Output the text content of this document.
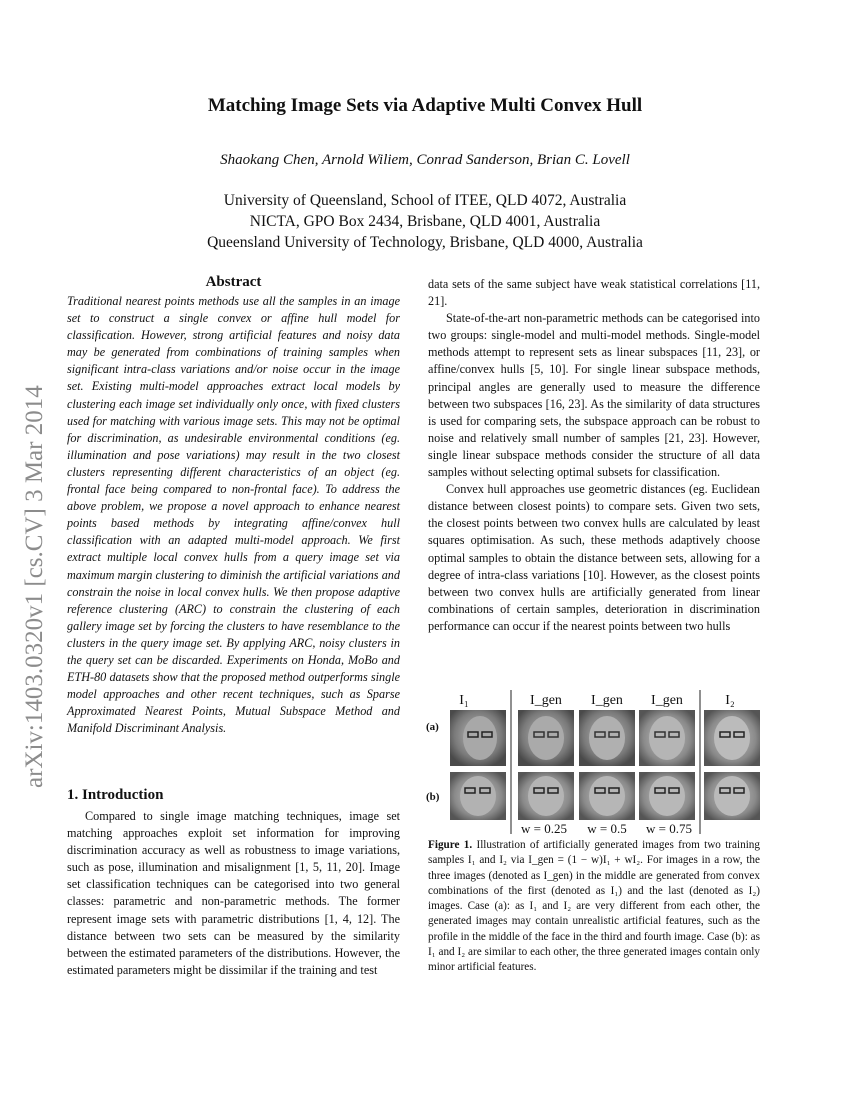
arXiv:1403.0320v1 [cs.CV] 3 Mar 2014
Matching Image Sets via Adaptive Multi Convex Hull
Shaokang Chen, Arnold Wiliem, Conrad Sanderson, Brian C. Lovell
University of Queensland, School of ITEE, QLD 4072, Australia
NICTA, GPO Box 2434, Brisbane, QLD 4001, Australia
Queensland University of Technology, Brisbane, QLD 4000, Australia
Abstract
Traditional nearest points methods use all the samples in an image set to construct a single convex or affine hull model for classification. However, strong artificial features and noisy data may be generated from combinations of training samples when significant intra-class variations and/or noise occur in the image set. Existing multi-model approaches extract local models by clustering each image set individually only once, with fixed clusters used for matching with various image sets. This may not be optimal for discrimination, as undesirable environmental conditions (eg. illumination and pose variations) may result in the two closest clusters representing different characteristics of an object (eg. frontal face being compared to non-frontal face). To address the above problem, we propose a novel approach to enhance nearest points based methods by integrating affine/convex hull classification with an adapted multi-model approach. We first extract multiple local convex hulls from a query image set via maximum margin clustering to diminish the artificial variations and constrain the noise in local convex hulls. We then propose adaptive reference clustering (ARC) to constrain the clustering of each gallery image set by forcing the clusters to have resemblance to the clusters in the query image set. By applying ARC, noisy clusters in the query set can be discarded. Experiments on Honda, MoBo and ETH-80 datasets show that the proposed method outperforms single model approaches and other recent techniques, such as Sparse Approximated Nearest Points, Mutual Subspace Method and Manifold Discriminant Analysis.
1. Introduction
Compared to single image matching techniques, image set matching approaches exploit set information for improving discrimination accuracy as well as robustness to image variations, such as pose, illumination and misalignment [1, 5, 11, 20]. Image set classification techniques can be categorised into two general classes: parametric and non-parametric methods. The former represent image sets with parametric distributions [1, 4, 12]. The distance between two sets can be measured by the similarity between the estimated parameters of the distributions. However, the estimated parameters might be dissimilar if the training and test

data sets of the same subject have weak statistical correlations [11, 21].

State-of-the-art non-parametric methods can be categorised into two groups: single-model and multi-model methods. Single-model methods attempt to represent sets as linear subspaces [11, 23], or affine/convex hulls [5, 10]. For single linear subspace methods, principal angles are generally used to measure the difference between two subspaces [16, 23]. As the similarity of data structures is used for comparing sets, the subspace approach can be robust to noise and relatively small number of samples [21, 23]. However, single linear subspace methods consider the structure of all data samples without selecting optimal subsets for classification.

Convex hull approaches use geometric distances (eg. Euclidean distance between closest points) to compare sets. Given two sets, the closest points between two convex hulls are calculated by least squares optimisation. As such, these methods adaptively choose optimal samples to obtain the distance between sets, allowing for a degree of intra-class variations [10]. However, as the closest points between two convex hulls are artificially generated from linear combinations of certain samples, deterioration in discrimination performance can occur if the nearest points between two hulls

I₁	I_gen I_gen I_gen	I₂
(a)
(b)
w = 0.25 w = 0.5 w = 0.75
Figure 1. Illustration of artificially generated images from two training samples I₁ and I₂ via I_gen = (1 − w)I₁ + wI₂. For images in a row, the three images (denoted as I_gen) in the middle are generated from convex combinations of the first (denoted as I₁) and the last (denoted as I₂) images. Case (a): as I₁ and I₂ are very different from each other, the generated images may contain unrealistic artificial features, such as the profile in the middle of the face in the third and fourth image. Case (b): as I₁ and I₂ are similar to each other, the three generated images contain only minor artificial features.
